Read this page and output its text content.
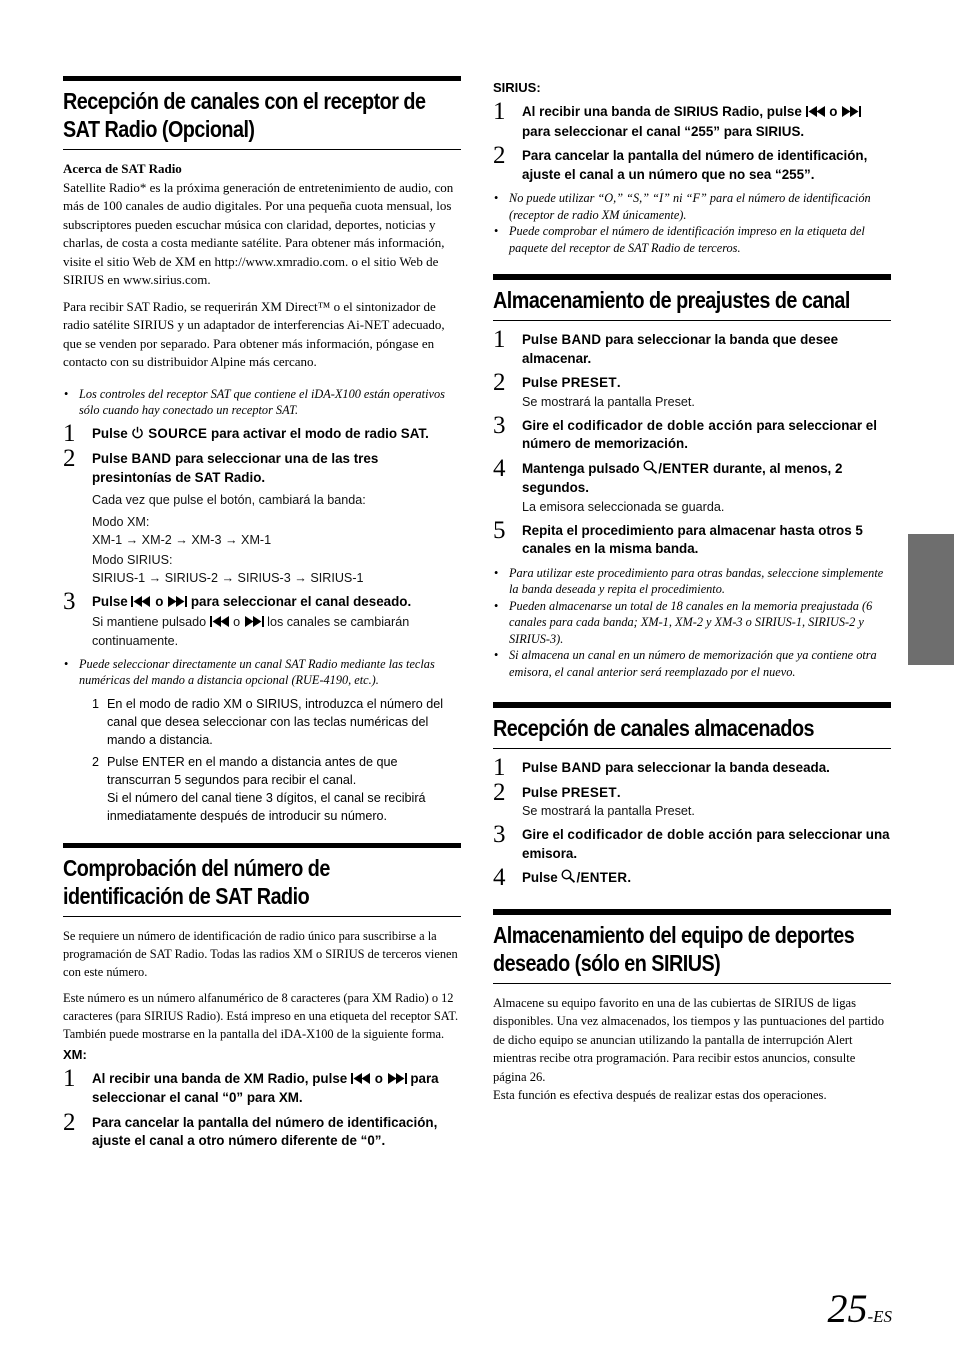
Recepción de canales con el receptor de
SAT Radio (Opcional)
Acerca de SAT Radio
Satellite Radio* es la próxima generación de entretenimiento de audio, con más de 100 canales de audio digitales. Por una pequeña cuota mensual, los subscriptores pueden escuchar música con claridad, deportes, noticias y charlas, de costa a costa mediante satélite. Para obtener más información, visite el sitio Web de XM en http://www.xmradio.com. o el sitio Web de SIRIUS en www.sirius.com.
Para recibir SAT Radio, se requerirán XM Direct™ o el sintonizador de radio satélite SIRIUS y un adaptador de interferencias Ai-NET adecuado, que se venden por separado. Para obtener más información, póngase en contacto con su distribuidor Alpine más cercano.
• Los controles del receptor SAT que contiene el iDA-X100 están operativos sólo cuando hay conectado un receptor SAT.
1 Pulse SOURCE para activar el modo de radio SAT.
2 Pulse BAND para seleccionar una de las tres presintonías de SAT Radio.
Cada vez que pulse el botón, cambiará la banda:
Modo XM:
XM-1 → XM-2 → XM-3 → XM-1
Modo SIRIUS:
SIRIUS-1 → SIRIUS-2 → SIRIUS-3 → SIRIUS-1
3 Pulse o para seleccionar el canal deseado.
Si mantiene pulsado o los canales se cambiarán continuamente.
• Puede seleccionar directamente un canal SAT Radio mediante las teclas numéricas del mando a distancia opcional (RUE-4190, etc.).
1 En el modo de radio XM o SIRIUS, introduzca el número del canal que desea seleccionar con las teclas numéricas del mando a distancia.
2 Pulse ENTER en el mando a distancia antes de que transcurran 5 segundos para recibir el canal.
Si el número del canal tiene 3 dígitos, el canal se recibirá inmediatamente después de introducir su número.
Comprobación del número de
identificación de SAT Radio
Se requiere un número de identificación de radio único para suscribirse a la programación de SAT Radio. Todas las radios XM o SIRIUS de terceros vienen con este número.
Este número es un número alfanumérico de 8 caracteres (para XM Radio) o 12 caracteres (para SIRIUS Radio). Está impreso en una etiqueta del receptor SAT.
También puede mostrarse en la pantalla del iDA-X100 de la siguiente forma.
XM:
1 Al recibir una banda de XM Radio, pulse o para seleccionar el canal “0” para XM.
2 Para cancelar la pantalla del número de identificación, ajuste el canal a otro número diferente de “0”.
SIRIUS:
1 Al recibir una banda de SIRIUS Radio, pulse o  para seleccionar el canal “255” para SIRIUS.
2 Para cancelar la pantalla del número de identificación, ajuste el canal a un número que no sea “255”.
• No puede utilizar “O,” “S,” “I” ni “F” para el número de identificación (receptor de radio XM únicamente).
• Puede comprobar el número de identificación impreso en la etiqueta del paquete del receptor de SAT Radio de terceros.
Almacenamiento de preajustes de canal
1 Pulse BAND para seleccionar la banda que desee almacenar.
2 Pulse PRESET.
Se mostrará la pantalla Preset.
3 Gire el codificador de doble acción para seleccionar el número de memorización.
4 Mantenga pulsado /ENTER durante, al menos, 2 segundos.
La emisora seleccionada se guarda.
5 Repita el procedimiento para almacenar hasta otros 5 canales en la misma banda.
• Para utilizar este procedimiento para otras bandas, seleccione simplemente la banda deseada y repita el procedimiento.
• Pueden almacenarse un total de 18 canales en la memoria preajustada (6 canales para cada banda; XM-1, XM-2 y XM-3 o SIRIUS-1, SIRIUS-2 y SIRIUS-3).
• Si almacena un canal en un número de memorización que ya contiene otra emisora, el canal anterior será reemplazado por el nuevo.
Recepción de canales almacenados
1 Pulse BAND para seleccionar la banda deseada.
2 Pulse PRESET.
Se mostrará la pantalla Preset.
3 Gire el codificador de doble acción para seleccionar una emisora.
4 Pulse /ENTER.
Almacenamiento del equipo de deportes
deseado (sólo en SIRIUS)
Almacene su equipo favorito en una de las cubiertas de SIRIUS de ligas disponibles. Una vez almacenados, los tiempos y las puntuaciones del partido de dicho equipo se anuncian utilizando la pantalla de interrupción Alert mientras recibe otra programación. Para recibir estos anuncios, consulte página 26.
Esta función es efectiva después de realizar estas dos operaciones.
25-ES
